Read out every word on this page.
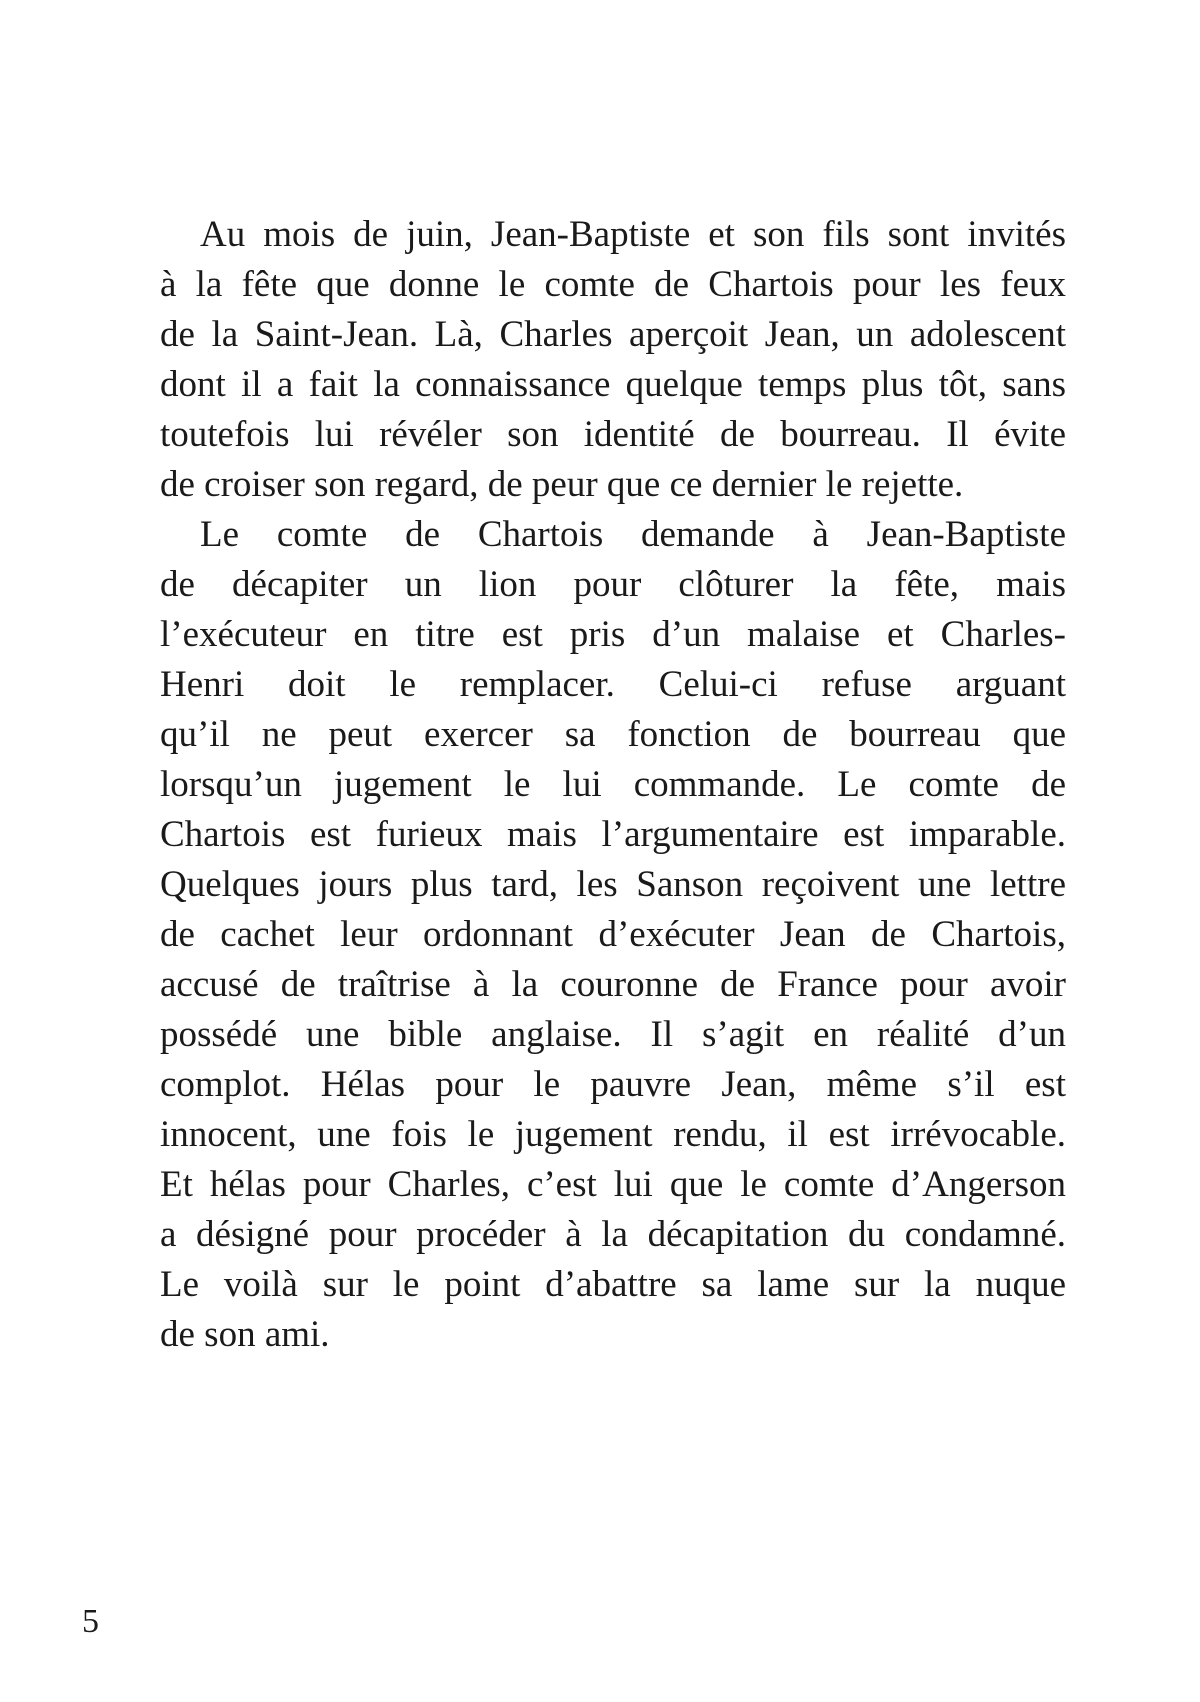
Au mois de juin, Jean-Baptiste et son fils sont invités
à la fête que donne le comte de Chartois pour les feux
de la Saint-Jean. Là, Charles aperçoit Jean, un adolescent
dont il a fait la connaissance quelque temps plus tôt, sans
toutefois lui révéler son identité de bourreau. Il évite
de croiser son regard, de peur que ce dernier le rejette.
Le comte de Chartois demande à Jean-Baptiste
de décapiter un lion pour clôturer la fête, mais
l’exécuteur en titre est pris d’un malaise et Charles-
Henri doit le remplacer. Celui-ci refuse arguant
qu’il ne peut exercer sa fonction de bourreau que
lorsqu’un jugement le lui commande. Le comte de
Chartois est furieux mais l’argumentaire est imparable.
Quelques jours plus tard, les Sanson reçoivent une lettre
de cachet leur ordonnant d’exécuter Jean de Chartois,
accusé de traîtrise à la couronne de France pour avoir
possédé une bible anglaise. Il s’agit en réalité d’un
complot. Hélas pour le pauvre Jean, même s’il est
innocent, une fois le jugement rendu, il est irrévocable.
Et hélas pour Charles, c’est lui que le comte d’Angerson
a désigné pour procéder à la décapitation du condamné.
Le voilà sur le point d’abattre sa lame sur la nuque
de son ami.
5
